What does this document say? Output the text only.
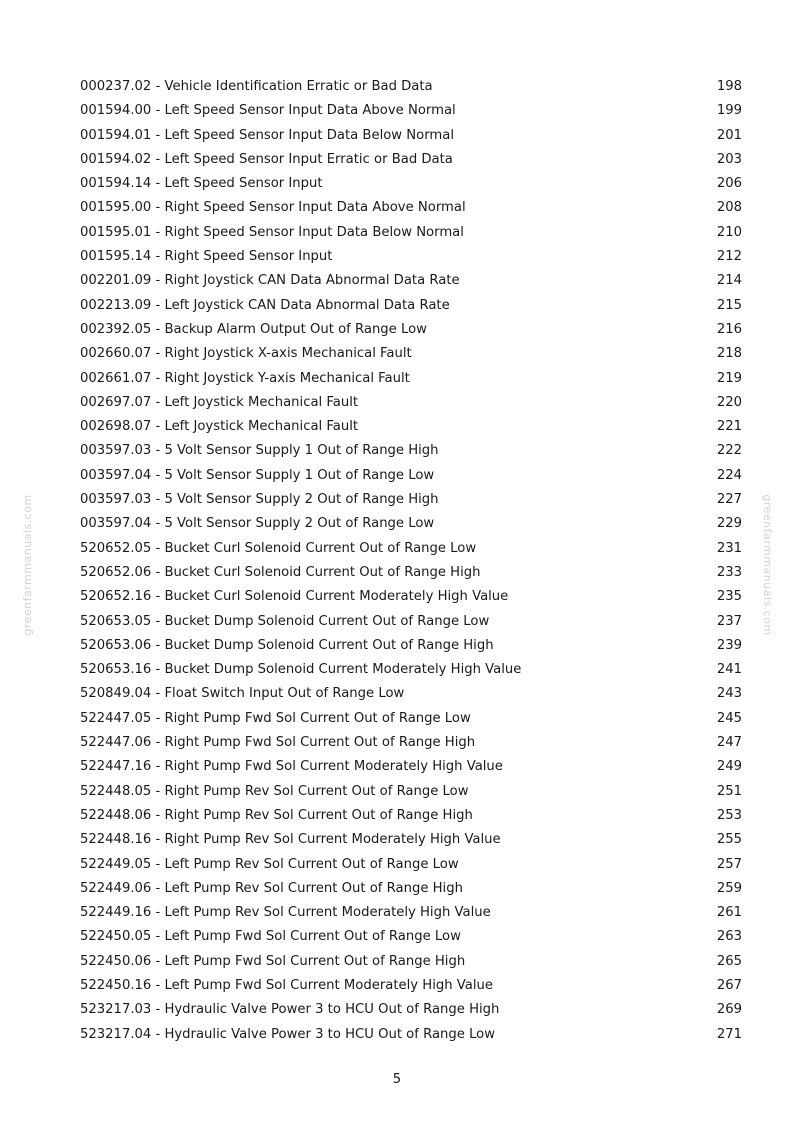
000237.02 - Vehicle Identification Erratic or Bad Data	198
001594.00 - Left Speed Sensor Input Data Above Normal	199
001594.01 - Left Speed Sensor Input Data Below Normal	201
001594.02 - Left Speed Sensor Input Erratic or Bad Data	203
001594.14 - Left Speed Sensor Input	206
001595.00 - Right Speed Sensor Input Data Above Normal	208
001595.01 - Right Speed Sensor Input Data Below Normal	210
001595.14 - Right Speed Sensor Input	212
002201.09 - Right Joystick CAN Data Abnormal Data Rate	214
002213.09 - Left Joystick CAN Data Abnormal Data Rate	215
002392.05 - Backup Alarm Output Out of Range Low	216
002660.07 - Right Joystick X-axis Mechanical Fault	218
002661.07 - Right Joystick Y-axis Mechanical Fault	219
002697.07 - Left Joystick Mechanical Fault	220
002698.07 - Left Joystick Mechanical Fault	221
003597.03 - 5 Volt Sensor Supply 1 Out of Range High	222
003597.04 - 5 Volt Sensor Supply 1 Out of Range Low	224
003597.03 - 5 Volt Sensor Supply 2 Out of Range High	227
003597.04 - 5 Volt Sensor Supply 2 Out of Range Low	229
520652.05 - Bucket Curl Solenoid Current Out of Range Low	231
520652.06 - Bucket Curl Solenoid Current Out of Range High	233
520652.16 - Bucket Curl Solenoid Current Moderately High Value	235
520653.05 - Bucket Dump Solenoid Current Out of Range Low	237
520653.06 - Bucket Dump Solenoid Current Out of Range High	239
520653.16 - Bucket Dump Solenoid Current Moderately High Value	241
520849.04 - Float Switch Input Out of Range Low	243
522447.05 - Right Pump Fwd Sol Current Out of Range Low	245
522447.06 - Right Pump Fwd Sol Current Out of Range High	247
522447.16 - Right Pump Fwd Sol Current Moderately High Value	249
522448.05 - Right Pump Rev Sol Current Out of Range Low	251
522448.06 - Right Pump Rev Sol Current Out of Range High	253
522448.16 - Right Pump Rev Sol Current Moderately High Value	255
522449.05 - Left Pump Rev Sol Current Out of Range Low	257
522449.06 - Left Pump Rev Sol Current Out of Range High	259
522449.16 - Left Pump Rev Sol Current Moderately High Value	261
522450.05 - Left Pump Fwd Sol Current Out of Range Low	263
522450.06 - Left Pump Fwd Sol Current Out of Range High	265
522450.16 - Left Pump Fwd Sol Current Moderately High Value	267
523217.03 - Hydraulic Valve Power 3 to HCU Out of Range High	269
523217.04 - Hydraulic Valve Power 3 to HCU Out of Range Low	271
5
greenfarmmanuals.com	greenfarmmanuals.com
